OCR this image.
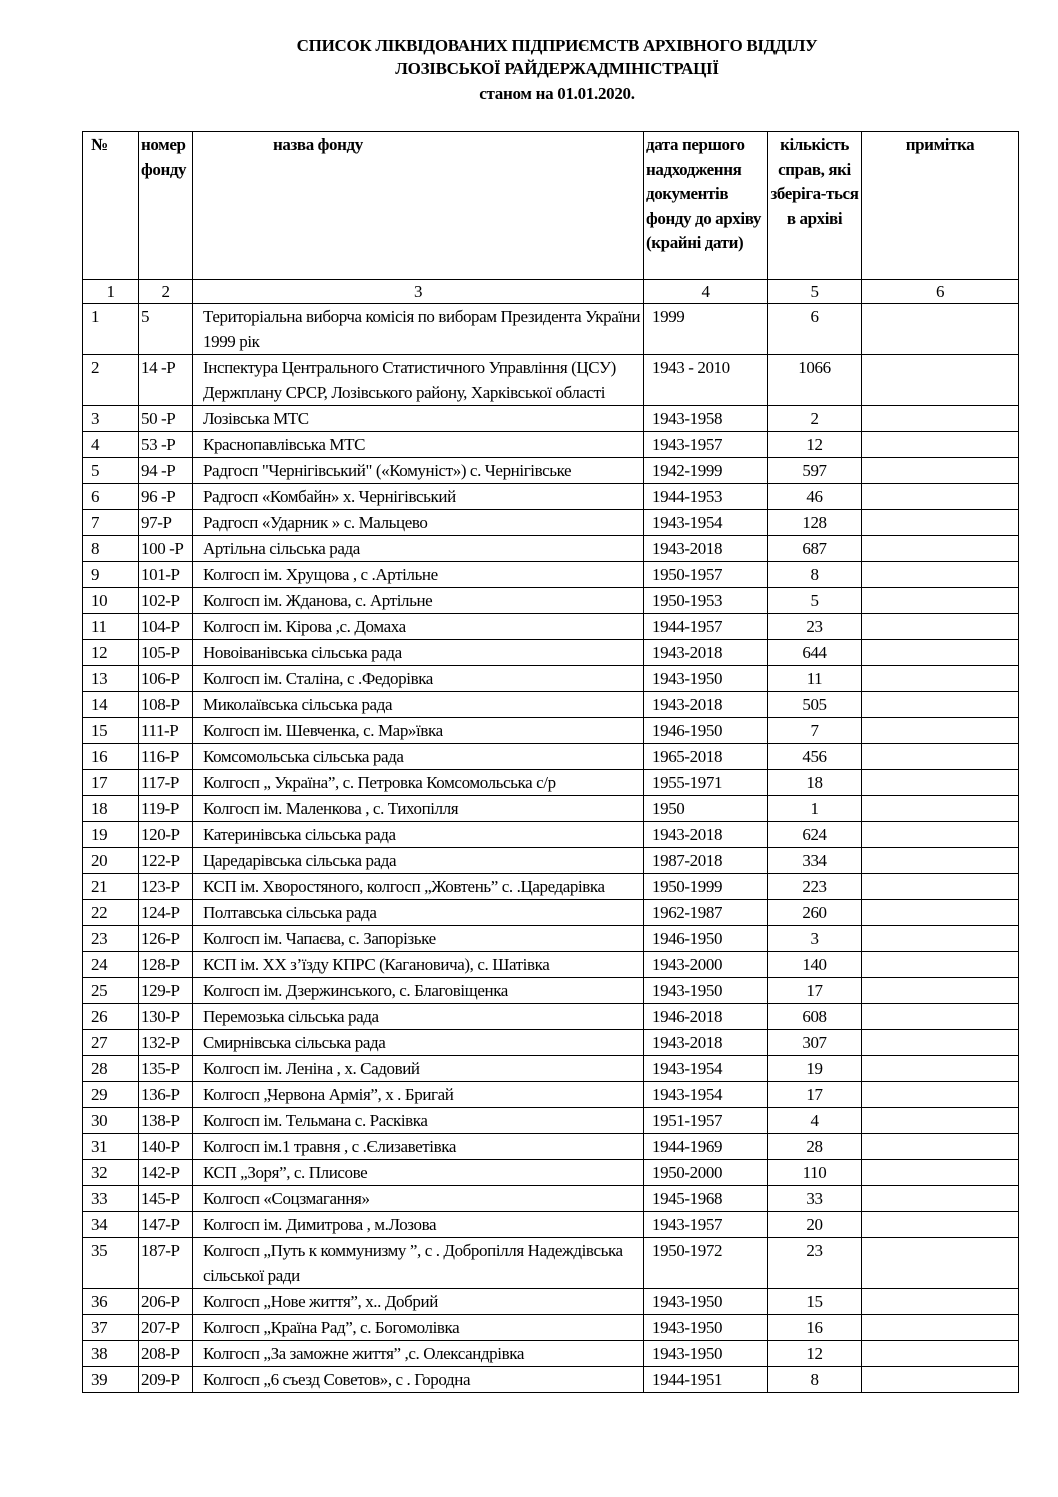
СПИСОК ЛІКВІДОВАНИХ ПІДПРИЄМСТВ АРХІВНОГО ВІДДІЛУ
ЛОЗІВСЬКОЇ РАЙДЕРЖАДМІНІСТРАЦІЇ
станом на 01.01.2020.
№	номер фонду	назва фонду	дата першого надходження документів фонду до архіву (крайні дати)	кількість справ, які зберіга-ться в архіві	примітка
1	2	3	4	5	6
1	5	Територіальна виборча комісія по виборам Президента України 1999 рік	1999	6	
2	14 -Р	Інспектура Центрального Статистичного Управління (ЦСУ) Держплану СРСР, Лозівського району, Харківської області	1943 - 2010	1066	
3	50 -Р	Лозівська МТС	1943-1958	2	
4	53 -Р	Краснопавлівська МТС	1943-1957	12	
5	94 -Р	Радгосп "Чернігівський" («Комуніст») с. Чернігівське	1942-1999	597	
6	96 -Р	Радгосп «Комбайн» х. Чернігівський	1944-1953	46	
7	97-Р	Радгосп «Ударник » с. Мальцево	1943-1954	128	
8	100 -Р	Артільна сільська рада	1943-2018	687	
9	101-Р	Колгосп ім. Хрущова , с .Артільне	1950-1957	8	
10	102-Р	Колгосп ім. Жданова, с. Артільне	1950-1953	5	
11	104-Р	Колгосп ім. Кірова ,с. Домаха	1944-1957	23	
12	105-Р	Новоіванівська сільська рада	1943-2018	644	
13	106-Р	Колгосп ім. Сталіна, с .Федорівка	1943-1950	11	
14	108-Р	Миколаївська сільська рада	1943-2018	505	
15	111-Р	Колгосп ім. Шевченка, с. Мар»ївка	1946-1950	7	
16	116-Р	Комсомольська сільська рада	1965-2018	456	
17	117-Р	Колгосп „ Україна”, с. Петровка Комсомольська с/р	1955-1971	18	
18	119-Р	Колгосп ім. Маленкова , с. Тихопілля	1950	1	
19	120-Р	Катеринівська сільська рада	1943-2018	624	
20	122-Р	Царедарівська сільська рада	1987-2018	334	
21	123-Р	КСП ім. Хворостяного, колгосп „Жовтень” с. .Царедарівка	1950-1999	223	
22	124-Р	Полтавська сільська рада	1962-1987	260	
23	126-Р	Колгосп ім. Чапаєва, с. Запорізьке	1946-1950	3	
24	128-Р	КСП ім. ХХ з’їзду КПРС (Кагановича), с. Шатівка	1943-2000	140	
25	129-Р	Колгосп ім. Дзержинського, с. Благовіщенка	1943-1950	17	
26	130-Р	Перемозька сільська рада	1946-2018	608	
27	132-Р	Смирнівська сільська рада	1943-2018	307	
28	135-Р	Колгосп ім. Леніна , х. Садовий	1943-1954	19	
29	136-Р	Колгосп „Червона Армія”, х . Бригай	1943-1954	17	
30	138-Р	Колгосп ім. Тельмана с. Расківка	1951-1957	4	
31	140-Р	Колгосп ім.1 травня , с .Єлизаветівка	1944-1969	28	
32	142-Р	КСП „Зоря”, с. Плисове	1950-2000	110	
33	145-Р	Колгосп «Соцзмагання»	1945-1968	33	
34	147-Р	Колгосп ім. Димитрова , м.Лозова	1943-1957	20	
35	187-Р	Колгосп „Путь к коммунизму ”, с . Добропілля Надеждівська сільської ради	1950-1972	23	
36	206-Р	Колгосп „Нове життя”, х.. Добрий	1943-1950	15	
37	207-Р	Колгосп „Країна Рад”, с. Богомолівка	1943-1950	16	
38	208-Р	Колгосп „За заможне життя” ,с. Олександрівка	1943-1950	12	
39	209-Р	Колгосп „6 съезд Советов», с . Городна	1944-1951	8	
